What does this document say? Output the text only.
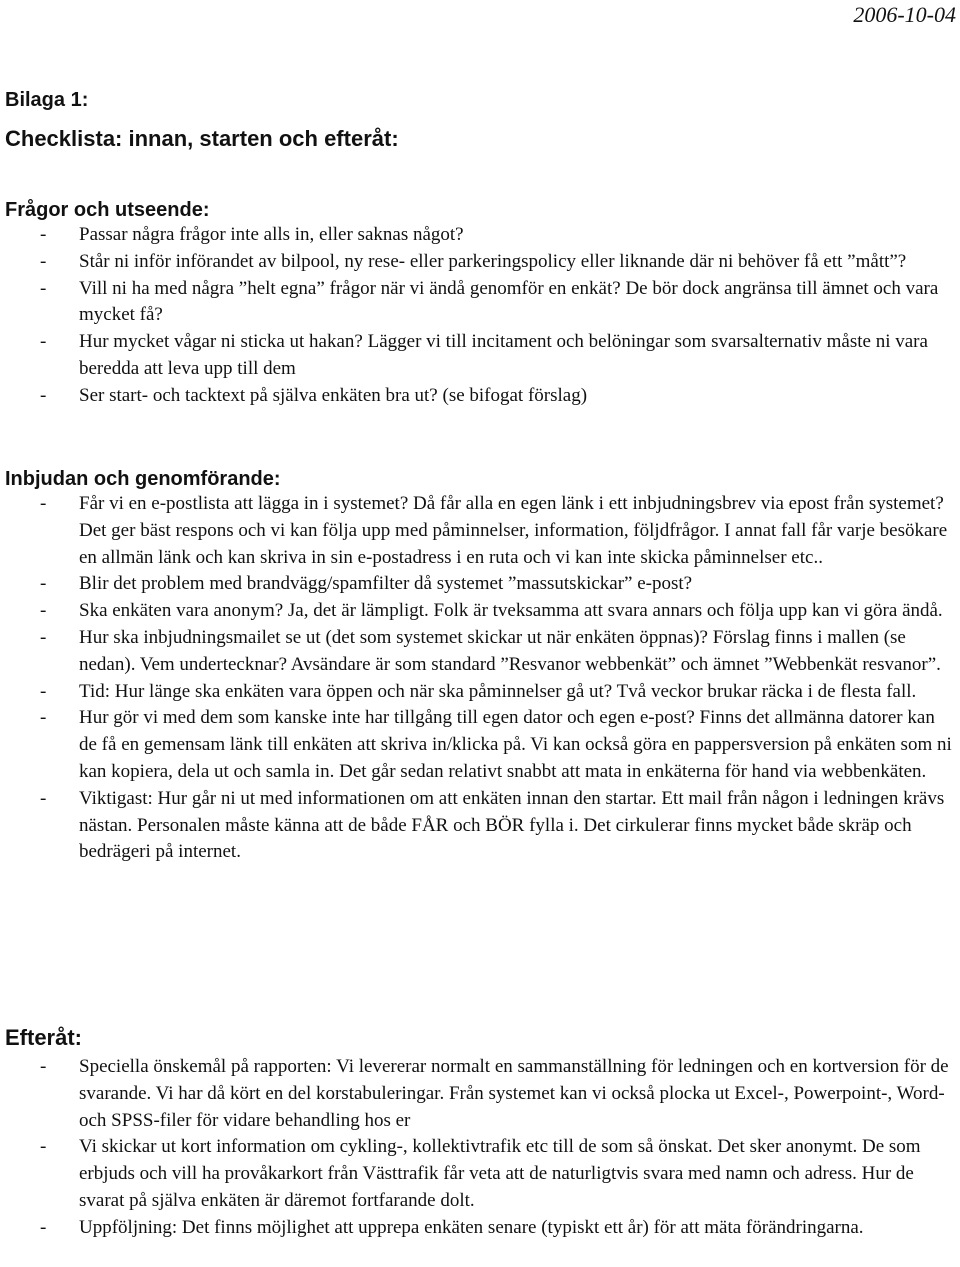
2006-10-04
Bilaga 1:
Checklista: innan, starten och efteråt:
Frågor och utseende:
- Passar några frågor inte alls in, eller saknas något?
- Står ni inför införandet av bilpool, ny rese- eller parkeringspolicy eller liknande där ni behöver få ett ”mått”?
- Vill ni ha med några ”helt egna” frågor när vi ändå genomför en enkät? De bör dock angränsa till ämnet och vara mycket få?
- Hur mycket vågar ni sticka ut hakan? Lägger vi till incitament och belöningar som svarsalternativ måste ni vara beredda att leva upp till dem
- Ser start- och tacktext på själva enkäten bra ut? (se bifogat förslag)
Inbjudan och genomförande:
- Får vi en e-postlista att lägga in i systemet? Då får alla en egen länk i ett inbjudningsbrev via epost från systemet? Det ger bäst respons och vi kan följa upp med påminnelser, information, följdfrågor. I annat fall får varje besökare en allmän länk och kan skriva in sin e-postadress i en ruta och vi kan inte skicka påminnelser etc..
- Blir det problem med brandvägg/spamfilter då systemet ”massutskickar” e-post?
- Ska enkäten vara anonym? Ja, det är lämpligt. Folk är tveksamma att svara annars och följa upp kan vi göra ändå.
- Hur ska inbjudningsmailet se ut (det som systemet skickar ut när enkäten öppnas)? Förslag finns i mallen (se nedan). Vem undertecknar? Avsändare är som standard ”Resvanor webbenkät” och ämnet ”Webbenkät resvanor”.
- Tid: Hur länge ska enkäten vara öppen och när ska påminnelser gå ut? Två veckor brukar räcka i de flesta fall.
- Hur gör vi med dem som kanske inte har tillgång till egen dator och egen e-post? Finns det allmänna datorer kan de få en gemensam länk till enkäten att skriva in/klicka på. Vi kan också göra en pappersversion på enkäten som ni kan kopiera, dela ut och samla in. Det går sedan relativt snabbt att mata in enkäterna för hand via webbenkäten.
- Viktigast: Hur går ni ut med informationen om att enkäten innan den startar. Ett mail från någon i ledningen krävs nästan. Personalen måste känna att de både FÅR och BÖR fylla i. Det cirkulerar finns mycket både skräp och bedrägeri på internet.
Efteråt:
- Speciella önskemål på rapporten: Vi levererar normalt en sammanställning för ledningen och en kortversion för de svarande. Vi har då kört en del korstabuleringar. Från systemet kan vi också plocka ut Excel-, Powerpoint-, Word- och SPSS-filer för vidare behandling hos er
- Vi skickar ut kort information om cykling-, kollektivtrafik etc till de som så önskat. Det sker anonymt. De som erbjuds och vill ha provåkarkort från Västtrafik får veta att de naturligtvis svara med namn och adress. Hur de svarat på själva enkäten är däremot fortfarande dolt.
- Uppföljning: Det finns möjlighet att upprepa enkäten senare (typiskt ett år) för att mäta förändringarna.
